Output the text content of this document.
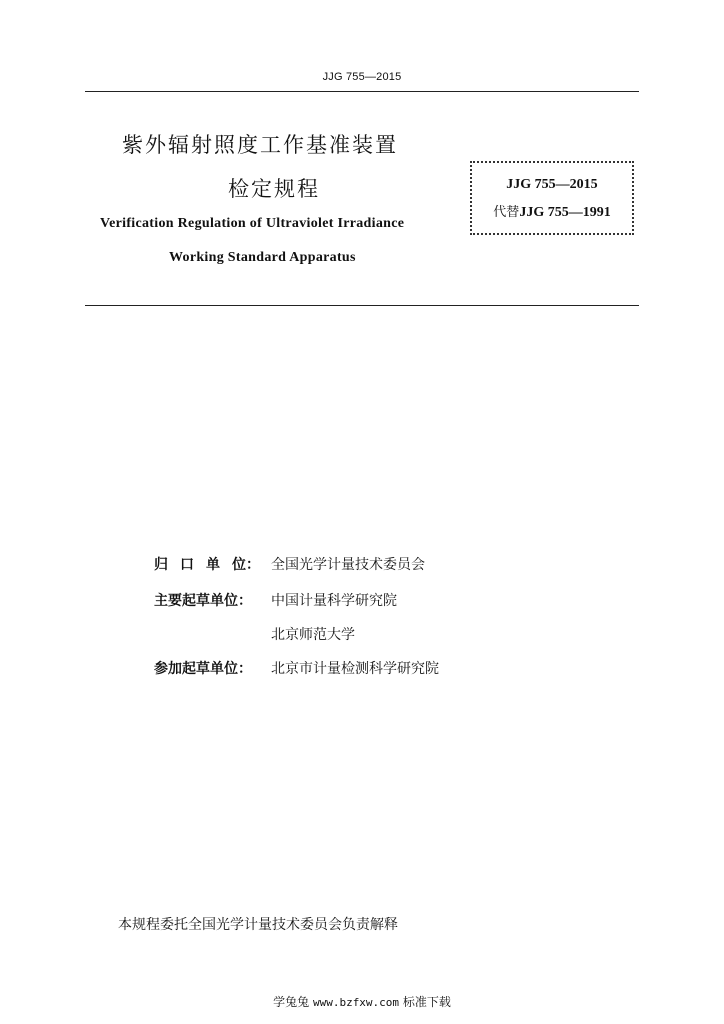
JJG 755—2015
紫外辐射照度工作基准装置
检定规程
Verification Regulation of Ultraviolet Irradiance
Working Standard Apparatus
JJG 755—2015
代替JJG 755—1991
归 口 单 位： 全国光学计量技术委员会
主要起草单位： 中国计量科学研究院
北京师范大学
参加起草单位： 北京市计量检测科学研究院
本规程委托全国光学计量技术委员会负责解释
学兔兔 www.bzfxw.com 标准下载
